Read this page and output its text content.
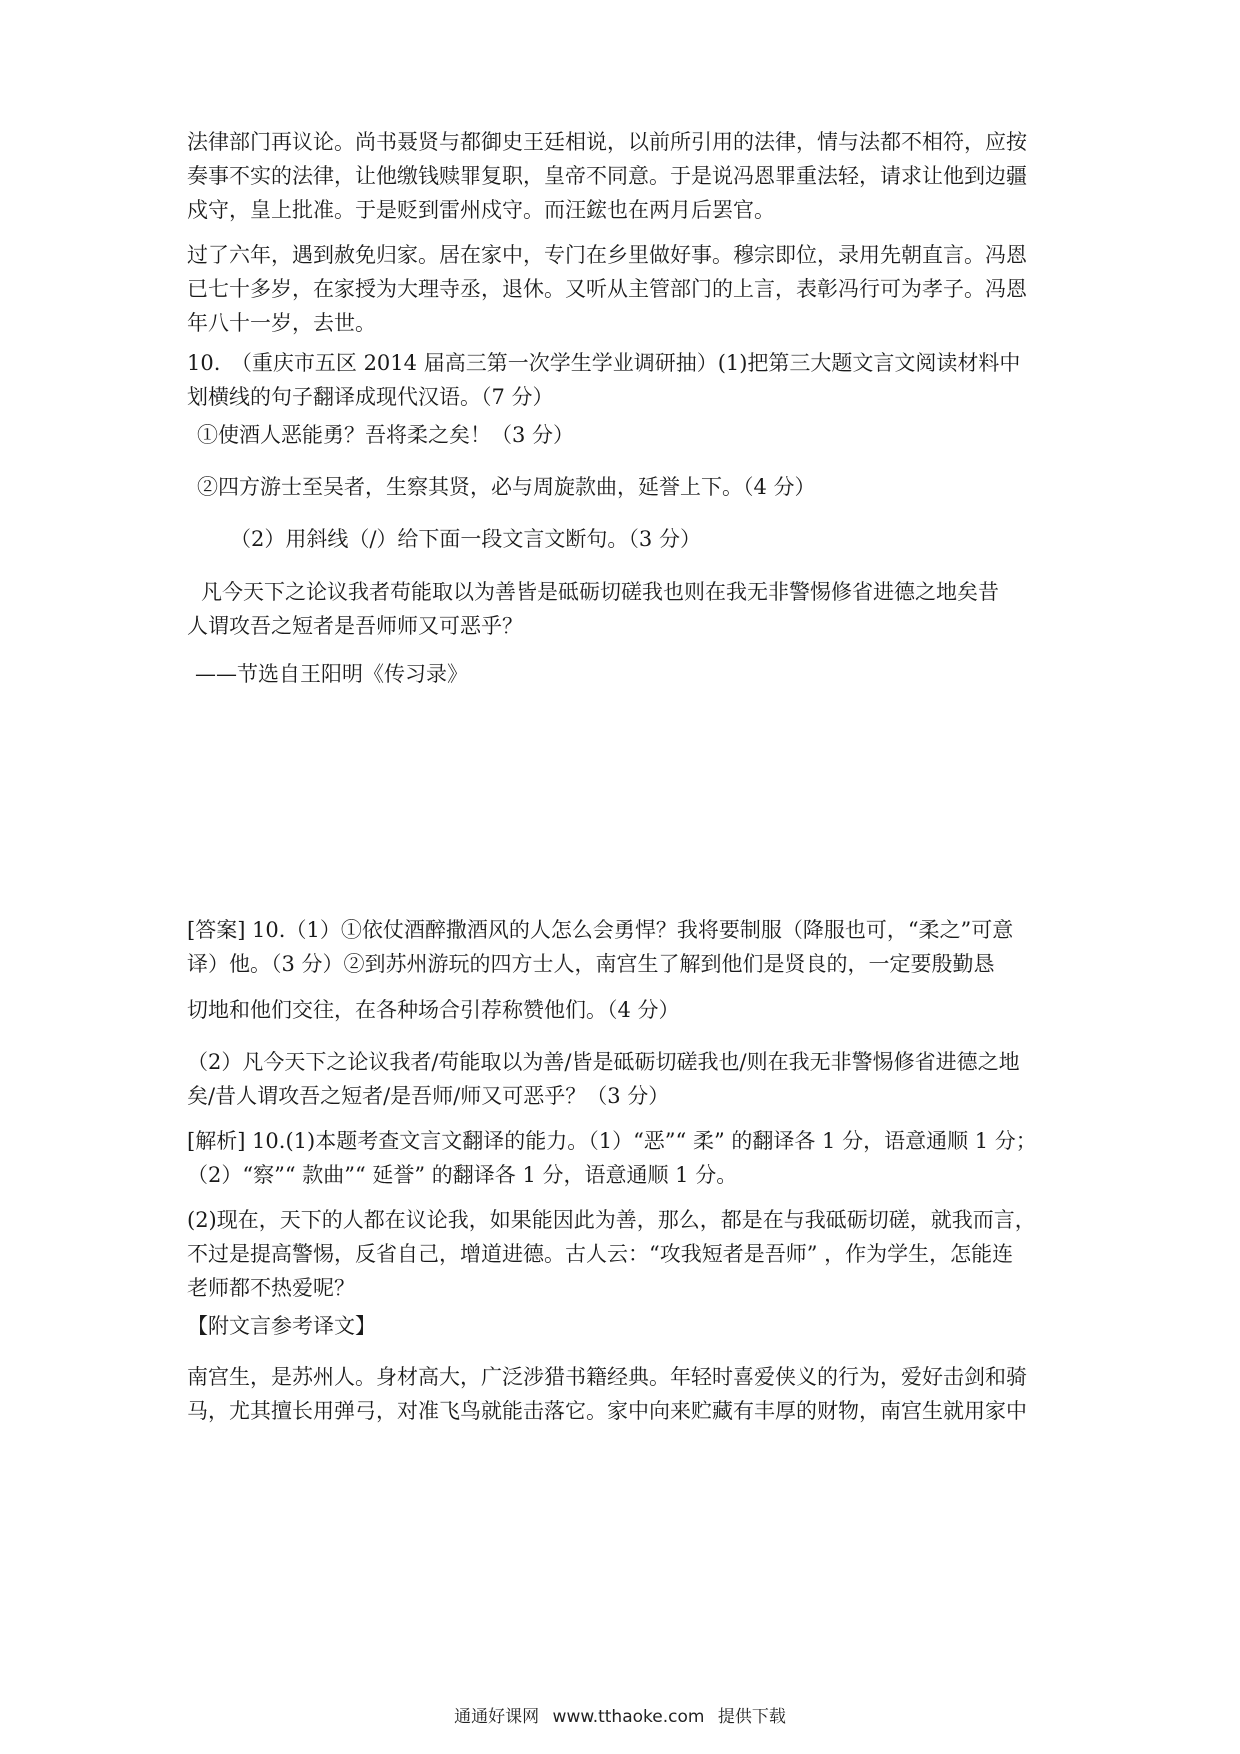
法律部门再议论。尚书聂贤与都御史王廷相说，以前所引用的法律，情与法都不相符，应按

奏事不实的法律，让他缴钱赎罪复职，皇帝不同意。于是说冯恩罪重法轻，请求让他到边疆

戍守，皇上批准。于是贬到雷州戍守。而汪鋐也在两月后罢官。

过了六年，遇到赦免归家。居在家中，专门在乡里做好事。穆宗即位，录用先朝直言。冯恩

已七十多岁，在家授为大理寺丞，退休。又听从主管部门的上言，表彰冯行可为孝子。冯恩

年八十一岁，去世。

10.　（重庆市五区 2014 届高三第一次学生学业调研抽）(1)把第三大题文言文阅读材料中

划横线的句子翻译成现代汉语。（7 分）

①使酒人恶能勇？吾将柔之矣！（3 分）

②四方游士至吴者，生察其贤，必与周旋款曲，延誉上下。（4 分）

（2）用斜线（/）给下面一段文言文断句。（3 分）

凡今天下之论议我者苟能取以为善皆是砥砺切磋我也则在我无非警惕修省进德之地矣昔

人谓攻吾之短者是吾师师又可恶乎？

——节选自王阳明《传习录》

[答案] 10.（1）①依仗酒醉撒酒风的人怎么会勇悍？我将要制服（降服也可，“柔之”可意

译）他。（3 分）②到苏州游玩的四方士人，南宫生了解到他们是贤良的，一定要殷勤恳

切地和他们交往，在各种场合引荐称赞他们。（4 分）

（2）凡今天下之论议我者/苟能取以为善/皆是砥砺切磋我也/则在我无非警惕修省进德之地

矣/昔人谓攻吾之短者/是吾师/师又可恶乎？（3 分）

[解析] 10.(1)本题考查文言文翻译的能力。（1）“恶”“ 柔” 的翻译各 1 分，语意通顺 1 分；

（2）“察”“ 款曲”“ 延誉” 的翻译各 1 分，语意通顺 1 分。

(2)现在，天下的人都在议论我，如果能因此为善，那么，都是在与我砥砺切磋，就我而言，

不过是提高警惕，反省自己，增道进德。古人云：“攻我短者是吾师” ，作为学生，怎能连

老师都不热爱呢？

【附文言参考译文】

南宫生，是苏州人。身材高大，广泛涉猎书籍经典。年轻时喜爱侠义的行为，爱好击剑和骑

马，尤其擅长用弹弓，对准飞鸟就能击落它。家中向来贮藏有丰厚的财物，南宫生就用家中

通通好课网 www.tthaoke.com 提供下载
